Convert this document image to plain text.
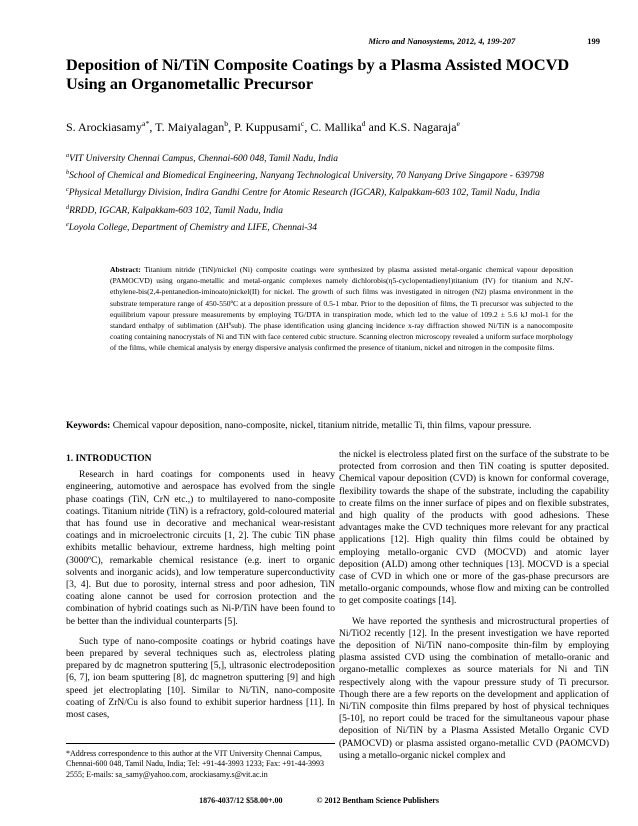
Micro and Nanosystems, 2012, 4, 199-207	199
Deposition of Ni/TiN Composite Coatings by a Plasma Assisted MOCVD Using an Organometallic Precursor
S. Arockiasamy$^{a*}$, T. Maiyalagan$^b$, P. Kuppusami$^c$, C. Mallika$^d$ and K.S. Nagaraja$^e$
$^a$VIT University Chennai Campus, Chennai-600 048, Tamil Nadu, India
$^b$School of Chemical and Biomedical Engineering, Nanyang Technological University, 70 Nanyang Drive Singapore - 639798
$^c$Physical Metallurgy Division, Indira Gandhi Centre for Atomic Research (IGCAR), Kalpakkam-603 102, Tamil Nadu, India
$^d$RRDD, IGCAR, Kalpakkam-603 102, Tamil Nadu, India
$^e$Loyola College, Department of Chemistry and LIFE, Chennai-34
Abstract: Titanium nitride (TiN)/nickel (Ni) composite coatings were synthesized by plasma assisted metal-organic chemical vapour deposition (PAMOCVD) using organo-metallic and metal-organic complexes namely dichlorobis(η5-cyclopentadienyl)titanium (IV) for titanium and N,N'-ethylene-bis(2,4-pentanedion-iminoato)nickel(II) for nickel. The growth of such films was investigated in nitrogen (N2) plasma environment in the substrate temperature range of 450-550ºC at a deposition pressure of 0.5-1 mbar. Prior to the deposition of films, the Ti precursor was subjected to the equilibrium vapour pressure measurements by employing TG/DTA in transpiration mode, which led to the value of 109.2 ± 5.6 kJ mol-1 for the standard enthalpy of sublimation (ΔHºsub). The phase identification using glancing incidence x-ray diffraction showed Ni/TiN is a nanocomposite coating containing nanocrystals of Ni and TiN with face centered cubic structure. Scanning electron microscopy revealed a uniform surface morphology of the films, while chemical analysis by energy dispersive analysis confirmed the presence of titanium, nickel and nitrogen in the composite films.
Keywords: Chemical vapour deposition, nano-composite, nickel, titanium nitride, metallic Ti, thin films, vapour pressure.
1. INTRODUCTION

Research in hard coatings for components used in heavy engineering, automotive and aerospace has evolved from the single phase coatings (TiN, CrN etc.,) to multilayered to nano-composite coatings. Titanium nitride (TiN) is a refractory, gold-coloured material that has found use in decorative and mechanical wear-resistant coatings and in microelectronic circuits [1, 2]. The cubic TiN phase exhibits metallic behaviour, extreme hardness, high melting point (3000ºC), remarkable chemical resistance (e.g. inert to organic solvents and inorganic acids), and low temperature superconductivity [3, 4]. But due to porosity, internal stress and poor adhesion, TiN coating alone cannot be used for corrosion protection and the combination of hybrid coatings such as Ni-P/TiN have been found to be better than the individual counterparts [5].

Such type of nano-composite coatings or hybrid coatings have been prepared by several techniques such as, electroless plating prepared by dc magnetron sputtering [5,], ultrasonic electrodeposition [6, 7], ion beam sputtering [8], dc magnetron sputtering [9] and high speed jet electroplating [10]. Similar to Ni/TiN, nano-composite coating of ZrN/Cu is also found to exhibit superior hardness [11]. In most cases,

the nickel is electroless plated first on the surface of the substrate to be protected from corrosion and then TiN coating is sputter deposited. Chemical vapour deposition (CVD) is known for conformal coverage, flexibility towards the shape of the substrate, including the capability to create films on the inner surface of pipes and on flexible substrates, and high quality of the products with good adhesions. These advantages make the CVD techniques more relevant for any practical applications [12]. High quality thin films could be obtained by employing metallo-organic CVD (MOCVD) and atomic layer deposition (ALD) among other techniques [13]. MOCVD is a special case of CVD in which one or more of the gas-phase precursors are metallo-organic compounds, whose flow and mixing can be controlled to get composite coatings [14].

We have reported the synthesis and microstructural properties of Ni/TiO2 recently [12]. In the present investigation we have reported the deposition of Ni/TiN nano-composite thin-film by employing plasma assisted CVD using the combination of metallo-oranic and organo-metallic complexes as source materials for Ni and TiN respectively along with the vapour pressure study of Ti precursor. Though there are a few reports on the development and application of Ni/TiN composite thin films prepared by host of physical techniques [5-10], no report could be traced for the simultaneous vapour phase deposition of Ni/TiN by a Plasma Assisted Metallo Organic CVD (PAMOCVD) or plasma assisted organo-metallic CVD (PAOMCVD) using a metallo-organic nickel complex and

*Address correspondence to this author at the VIT University Chennai Campus, Chennai-600 048, Tamil Nadu, India; Tel: +91-44-3993 1233; Fax: +91-44-3993 2555; E-mails: sa_samy@yahoo.com, arockiasamy.s@vit.ac.in
1876-4037/12 $58.00+.00	© 2012 Bentham Science Publishers
